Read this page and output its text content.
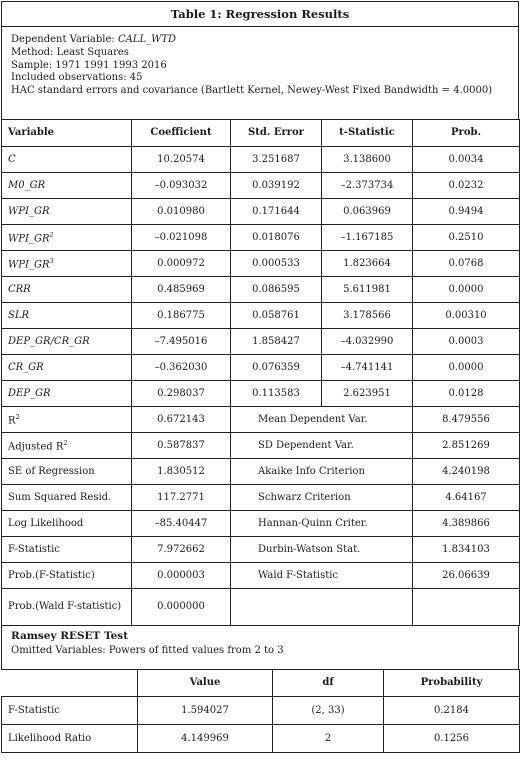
Table 1: Regression Results
Dependent Variable: CALL_WTD
Method: Least Squares
Sample: 1971 1991 1993 2016
Included observations: 45
HAC standard errors and covariance (Bartlett Kernel, Newey-West Fixed Bandwidth = 4.0000)
Variable	Coefficient	Std. Error	t-Statistic	Prob.
C	10.20574	3.251687	3.138600	0.0034
M0_GR	–0.093032	0.039192	–2.373734	0.0232
WPI_GR	0.010980	0.171644	0.063969	0.9494
$WPI\_GR^2$	–0.021098	0.018076	–1.167185	0.2510
$WPI\_GR^3$	0.000972	0.000533	1.823664	0.0768
CRR	0.485969	0.086595	5.611981	0.0000
SLR	0.186775	0.058761	3.178566	0.00310
DEP_GR/CR_GR	–7.495016	1.858427	–4.032990	0.0003
CR_GR	–0.362030	0.076359	–4.741141	0.0000
DEP_GR	0.298037	0.113583	2.623951	0.0128
$R^2$	0.672143	Mean Dependent Var.		8.479556
Adjusted $R^2$	0.587837	SD Dependent Var.		2.851269
SE of Regression	1.830512	Akaike Info Criterion		4.240198
Sum Squared Resid.	117.2771	Schwarz Criterion		4.64167
Log Likelihood	–85.40447	Hannan-Quinn Criter.		4.389866
F-Statistic	7.972662	Durbin-Watson Stat.		1.834103
Prob.(F-Statistic)	0.000003	Wald F-Statistic		26.06639
Prob.(Wald F-statistic)	0.000000			
Ramsey RESET Test
Omitted Variables: Powers of fitted values from 2 to 3
	Value	df	Probability
F-Statistic	1.594027	(2, 33)	0.2184
Likelihood Ratio	4.149969	2	0.1256
